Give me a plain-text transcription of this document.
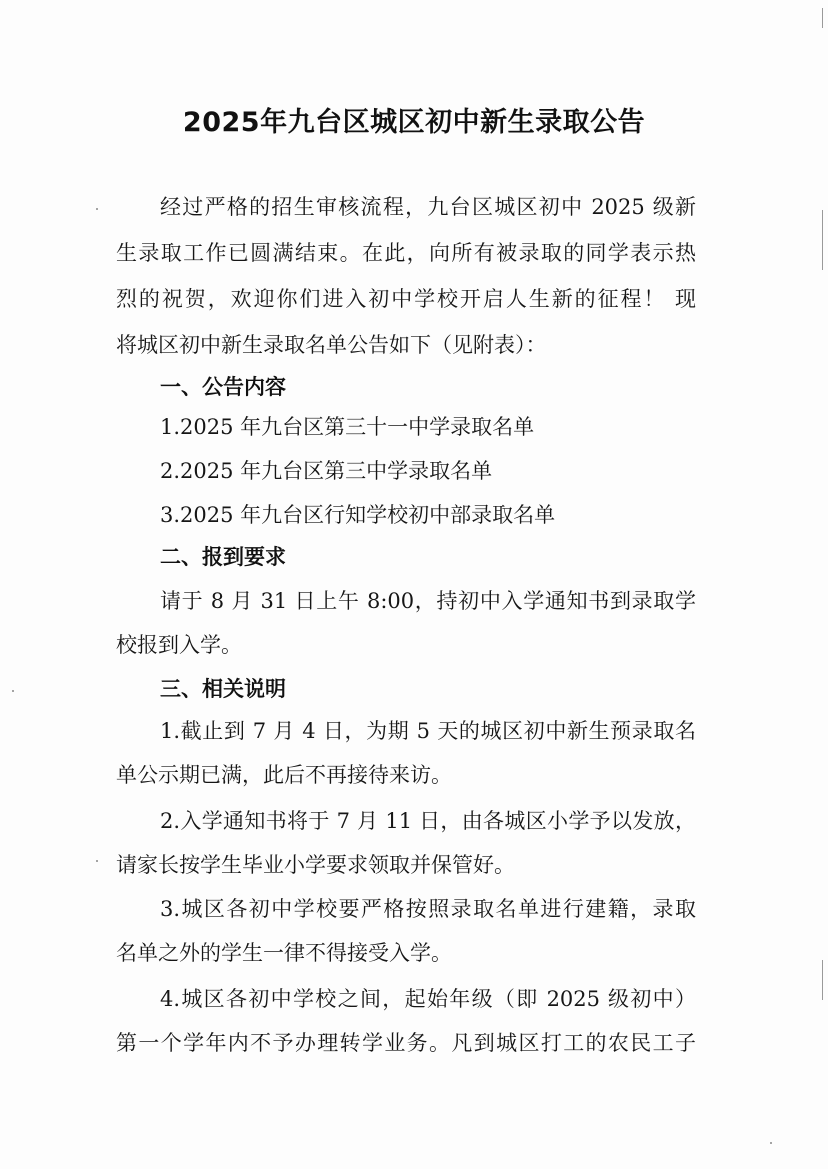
2025年九台区城区初中新生录取公告
经过严格的招生审核流程，九台区城区初中 2025 级新
生录取工作已圆满结束。在此，向所有被录取的同学表示热
烈的祝贺，欢迎你们进入初中学校开启人生新的征程！ 现
将城区初中新生录取名单公告如下（见附表）：
一、公告内容
1.2025 年九台区第三十一中学录取名单
2.2025 年九台区第三中学录取名单
3.2025 年九台区行知学校初中部录取名单
二、报到要求
请于 8 月 31 日上午 8:00，持初中入学通知书到录取学
校报到入学。
三、相关说明
1.截止到 7 月 4 日，为期 5 天的城区初中新生预录取名
单公示期已满，此后不再接待来访。
2.入学通知书将于 7 月 11 日，由各城区小学予以发放，
请家长按学生毕业小学要求领取并保管好。
3.城区各初中学校要严格按照录取名单进行建籍，录取
名单之外的学生一律不得接受入学。
4.城区各初中学校之间，起始年级（即 2025 级初中）
第一个学年内不予办理转学业务。凡到城区打工的农民工子
